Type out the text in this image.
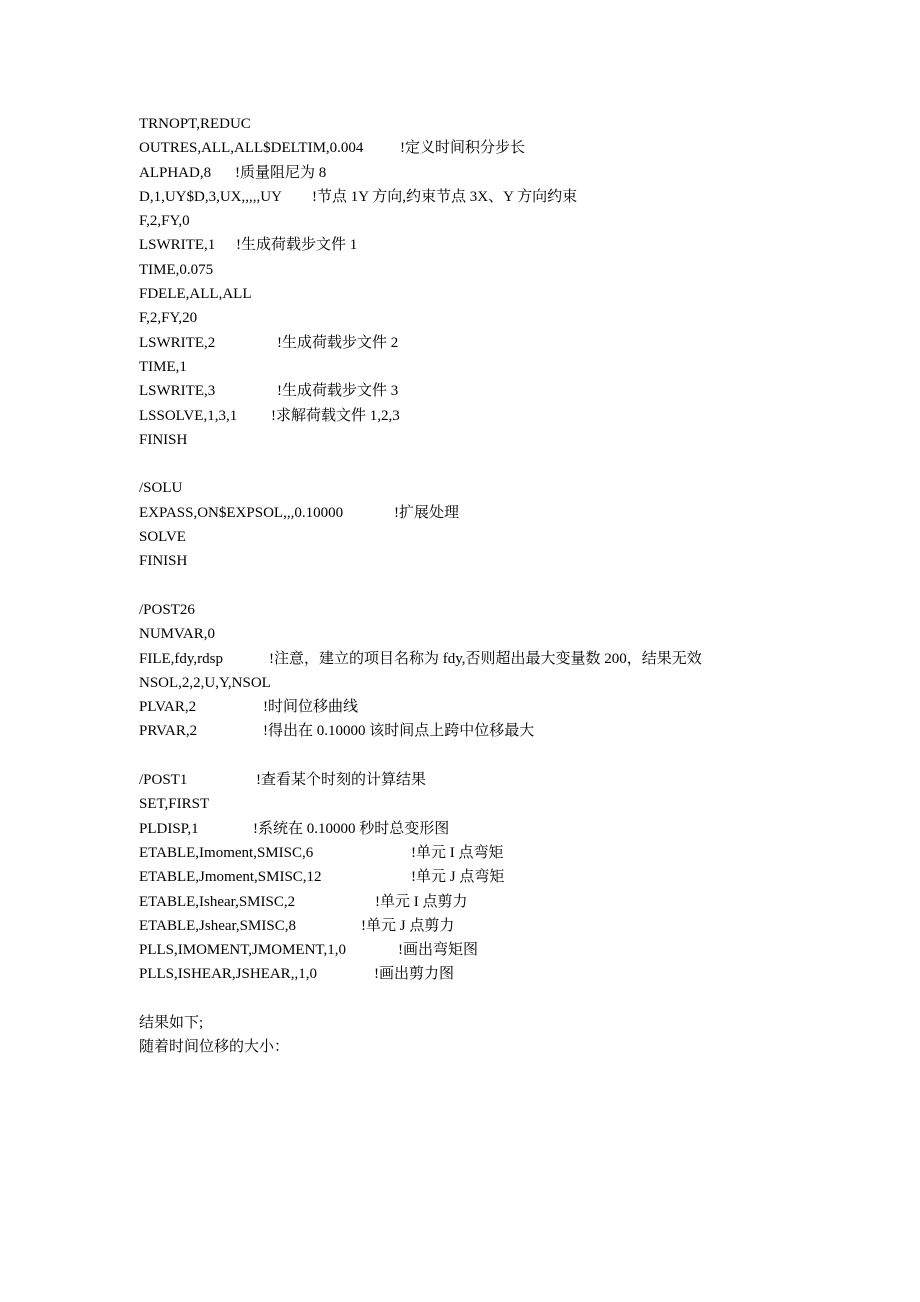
TRNOPT,REDUC
OUTRES,ALL,ALL$DELTIM,0.004 !定义时间积分步长
ALPHAD,8 !质量阻尼为 8
D,1,UY$D,3,UX,,,,,UY !节点 1Y 方向,约束节点 3X、Y 方向约束
F,2,FY,0
LSWRITE,1 !生成荷载步文件 1
TIME,0.075
FDELE,ALL,ALL
F,2,FY,20
LSWRITE,2	!生成荷载步文件 2
TIME,1
LSWRITE,3	!生成荷载步文件 3
LSSOLVE,1,3,1 !求解荷载文件 1,2,3
FINISH
/SOLU
EXPASS,ON$EXPSOL,,,0.10000	!扩展处理
SOLVE
FINISH
/POST26
NUMVAR,0
FILE,fdy,rdsp	!注意，建立的项目名称为 fdy,否则超出最大变量数 200，结果无效
NSOL,2,2,U,Y,NSOL
PLVAR,2	!时间位移曲线
PRVAR,2	!得出在 0.10000 该时间点上跨中位移最大
/POST1	!查看某个时刻的计算结果
SET,FIRST
PLDISP,1	!系统在 0.10000 秒时总变形图
ETABLE,Imoment,SMISC,6	!单元 I 点弯矩
ETABLE,Jmoment,SMISC,12	!单元 J 点弯矩
ETABLE,Ishear,SMISC,2	!单元 I 点剪力
ETABLE,Jshear,SMISC,8	!单元 J 点剪力
PLLS,IMOMENT,JMOMENT,1,0	!画出弯矩图
PLLS,ISHEAR,JSHEAR,,1,0	!画出剪力图
结果如下;
随着时间位移的大小：
